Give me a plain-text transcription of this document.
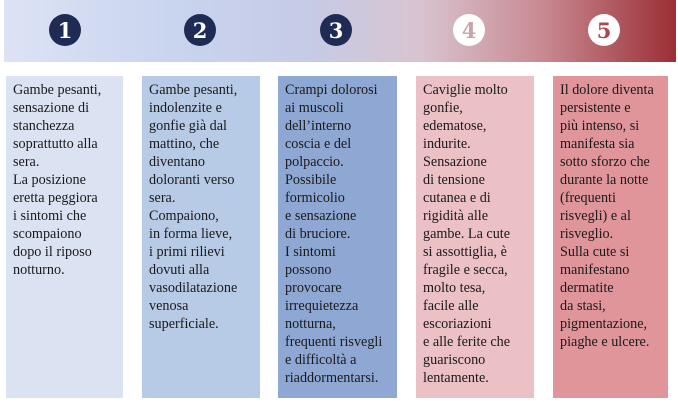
1	2	3	4	5
Gambe pesanti,
sensazione di
stanchezza
soprattutto alla
sera.
La posizione
eretta peggiora
i sintomi che
scompaiono
dopo il riposo
notturno.
Gambe pesanti,
indolenzite e
gonfie già dal
mattino, che
diventano
doloranti verso
sera.
Compaiono,
in forma lieve,
i primi rilievi
dovuti alla
vasodilatazione
venosa
superficiale.
Crampi dolorosi
ai muscoli
dell’interno
coscia e del
polpaccio.
Possibile
formicolio
e sensazione
di bruciore.
I sintomi
possono
provocare
irrequietezza
notturna,
frequenti risvegli
e difficoltà a
riaddormentarsi.
Caviglie molto
gonfie,
edematose,
indurite.
Sensazione
di tensione
cutanea e di
rigidità alle
gambe. La cute
si assottiglia, è
fragile e secca,
molto tesa,
facile alle
escoriazioni
e alle ferite che
guariscono
lentamente.
Il dolore diventa
persistente e
più intenso, si
manifesta sia
sotto sforzo che
durante la notte
(frequenti
risvegli) e al
risveglio.
Sulla cute si
manifestano
dermatite
da stasi,
pigmentazione,
piaghe e ulcere.
